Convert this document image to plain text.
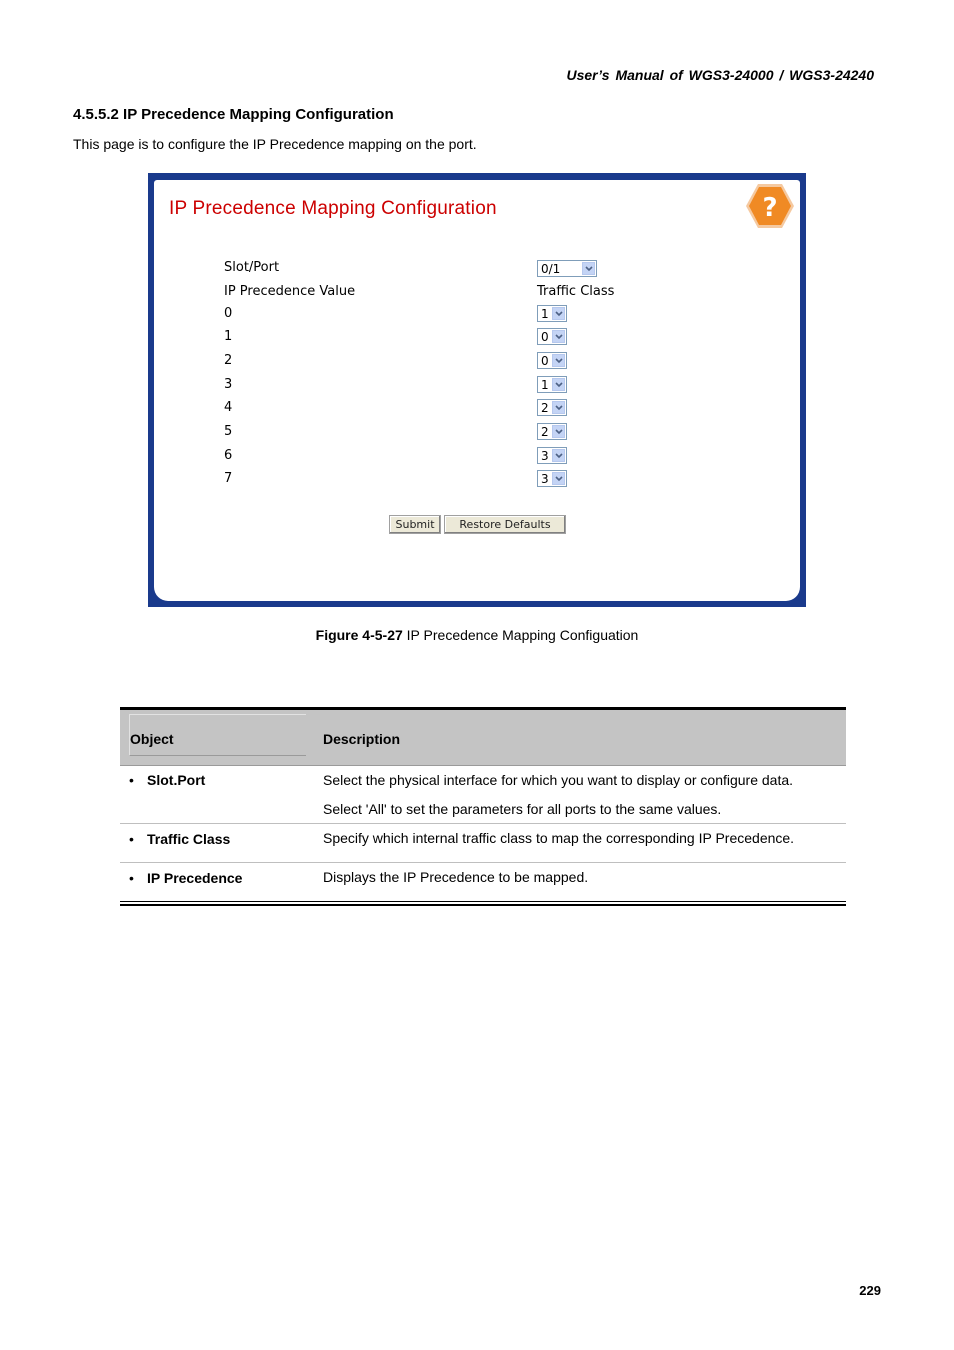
User’s Manual of WGS3-24000 / WGS3-24240
4.5.5.2 IP Precedence Mapping Configuration
This page is to configure the IP Precedence mapping on the port.
IP Precedence Mapping Configuration	?
Slot/Port	0/1
IP Precedence Value	Traffic Class
0	1
1	0
2	0
3	1
4	2
5	2
6	3
7	3
Submit	Restore Defaults
Figure 4-5-27 IP Precedence Mapping Configuation
Object	Description
• Slot.Port	Select the physical interface for which you want to display or configure data.
Select 'All' to set the parameters for all ports to the same values.
• Traffic Class	Specify which internal traffic class to map the corresponding IP Precedence.
• IP Precedence	Displays the IP Precedence to be mapped.
229
